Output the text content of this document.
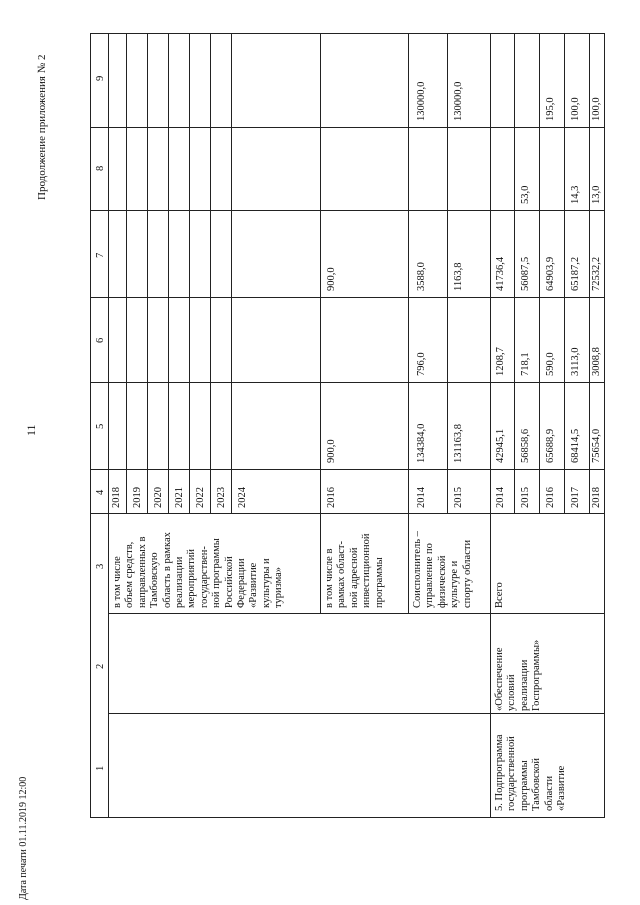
11
Продолжение приложения № 2
Дата печати 01.11.2019 12:00
9
8
7
6
5
4
3
2
1
в том числе
объем средств,
направленных в
Тамбовскую
область в рамках
реализации
мероприятий
государствен-
ной программы
Российской
Федерации
«Развитие
культуры и
туризма»
2018 2019 2020 2021 2022 2023 2024
в том числе в
рамках област-
ной адресной
инвестиционной
программы
2016
900,0
900,0
Соисполнитель –
управление по
физической
культуре и
спорту области
2014
134384,0
796,0
3588,0
130000,0
2015
131163,8
1163,8
130000,0
5. Подпрограмма
государственной
программы
Тамбовской
области
«Развитие
«Обеспечение
условий
реализации
Госпрограммы»
Всего
2014
42945,1
1208,7
41736,4
2015
56858,6
718,1
56087,5
53,0
2016
65688,9
590,0
64903,9
195,0
2017
68414,5
3113,0
65187,2
14,3
100,0
2018
75654,0
3008,8
72532,2
13,0
100,0
